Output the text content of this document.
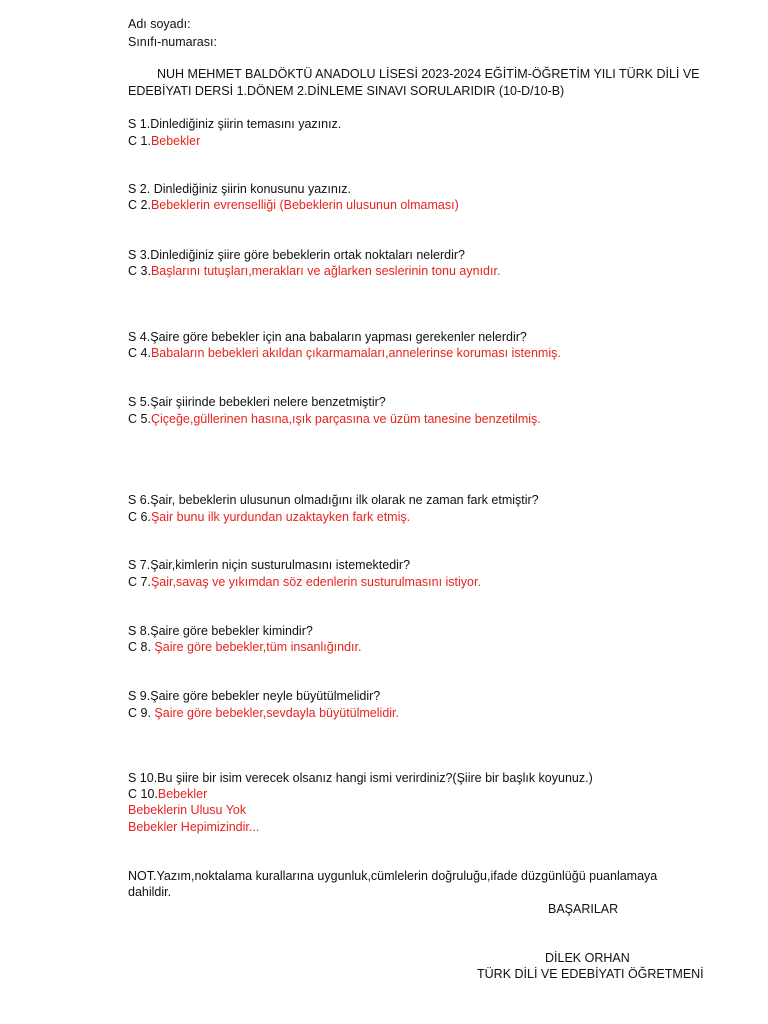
Adı soyadı:
Sınıfı-numarası:
NUH MEHMET BALDÖKTÜ ANADOLU LİSESİ 2023-2024 EĞİTİM-ÖĞRETİM YILI TÜRK DİLİ VE
EDEBİYATI DERSİ 1.DÖNEM 2.DİNLEME SINAVI SORULARIDIR (10-D/10-B)
S 1.Dinlediğiniz şiirin temasını yazınız.
C 1.Bebekler
S 2. Dinlediğiniz şiirin konusunu yazınız.
C 2.Bebeklerin evrenselliği (Bebeklerin ulusunun olmaması)
S 3.Dinlediğiniz şiire göre bebeklerin ortak noktaları nelerdir?
C 3.Başlarını tutuşları,merakları ve ağlarken seslerinin tonu aynıdır.
S 4.Şaire göre bebekler için ana babaların yapması gerekenler nelerdir?
C 4.Babaların bebekleri akıldan çıkarmamaları,annelerinse koruması istenmiş.
S 5.Şair şiirinde bebekleri nelere benzetmiştir?
C 5.Çiçeğe,güllerinen hasına,ışık parçasına ve üzüm tanesine benzetilmiş.
S 6.Şair, bebeklerin ulusunun olmadığını ilk olarak ne zaman fark etmiştir?
C 6.Şair bunu ilk yurdundan uzaktayken fark etmiş.
S 7.Şair,kimlerin niçin susturulmasını istemektedir?
C 7.Şair,savaş ve yıkımdan söz edenlerin susturulmasını istiyor.
S 8.Şaire göre bebekler kimindir?
C 8. Şaire göre bebekler,tüm insanlığındır.
S 9.Şaire göre bebekler neyle büyütülmelidir?
C 9. Şaire göre bebekler,sevdayla büyütülmelidir.
S 10.Bu şiire bir isim verecek olsanız hangi ismi verirdiniz?(Şiire bir başlık koyunuz.)
C 10.Bebekler
Bebeklerin Ulusu Yok
Bebekler Hepimizindir...
NOT.Yazım,noktalama kurallarına uygunluk,cümlelerin doğruluğu,ifade düzgünlüğü puanlamaya dahildir.
BAŞARILAR
DİLEK ORHAN
TÜRK DİLİ VE EDEBİYATI ÖĞRETMENİ
